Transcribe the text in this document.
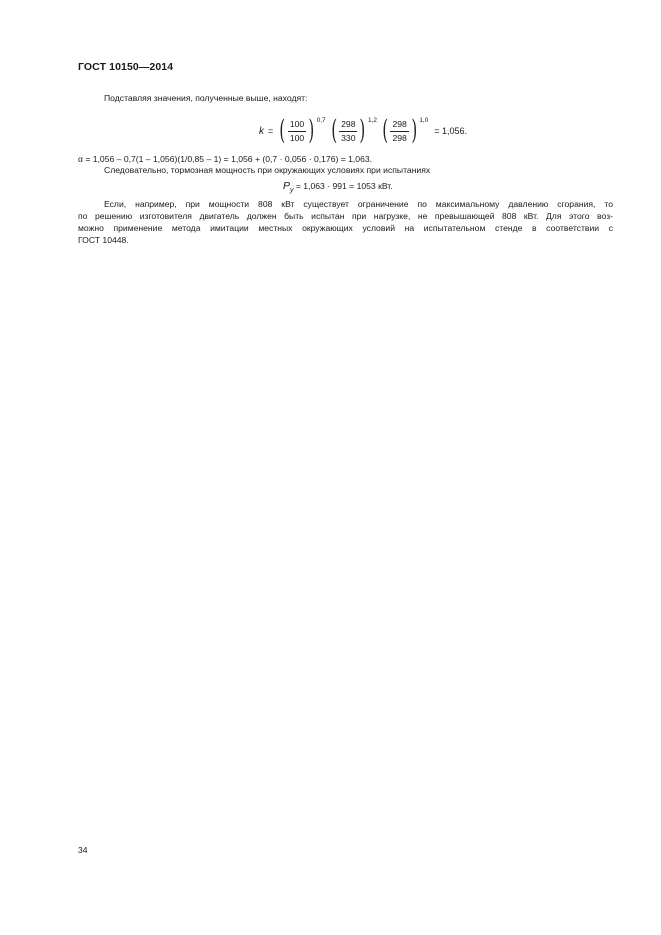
ГОСТ 10150—2014
Подставляя значения, полученные выше, находят:
k = ( $\frac{100}{100}$ ) 0,7 ( $\frac{298}{330}$ ) 1,2 ( $\frac{298}{298}$ ) 1,0
= 1,056.
α = 1,056 – 0,7(1 – 1,056)(1/0,85 – 1) = 1,056 + (0,7 · 0,056 · 0,176) = 1,063.
Следовательно, тормозная мощность при окружающих условиях при испытаниях
$P_y = 1,063 \cdot 991 = 1053$ кВт.
Если, например, при мощности 808 кВт существует ограничение по максимальному давлению сгорания, то
по решению изготовителя двигатель должен быть испытан при нагрузке, не превышающей 808 кВт. Для этого воз-
можно применение метода имитации местных окружающих условий на испытательном стенде в соответствии с
ГОСТ 10448.
34
